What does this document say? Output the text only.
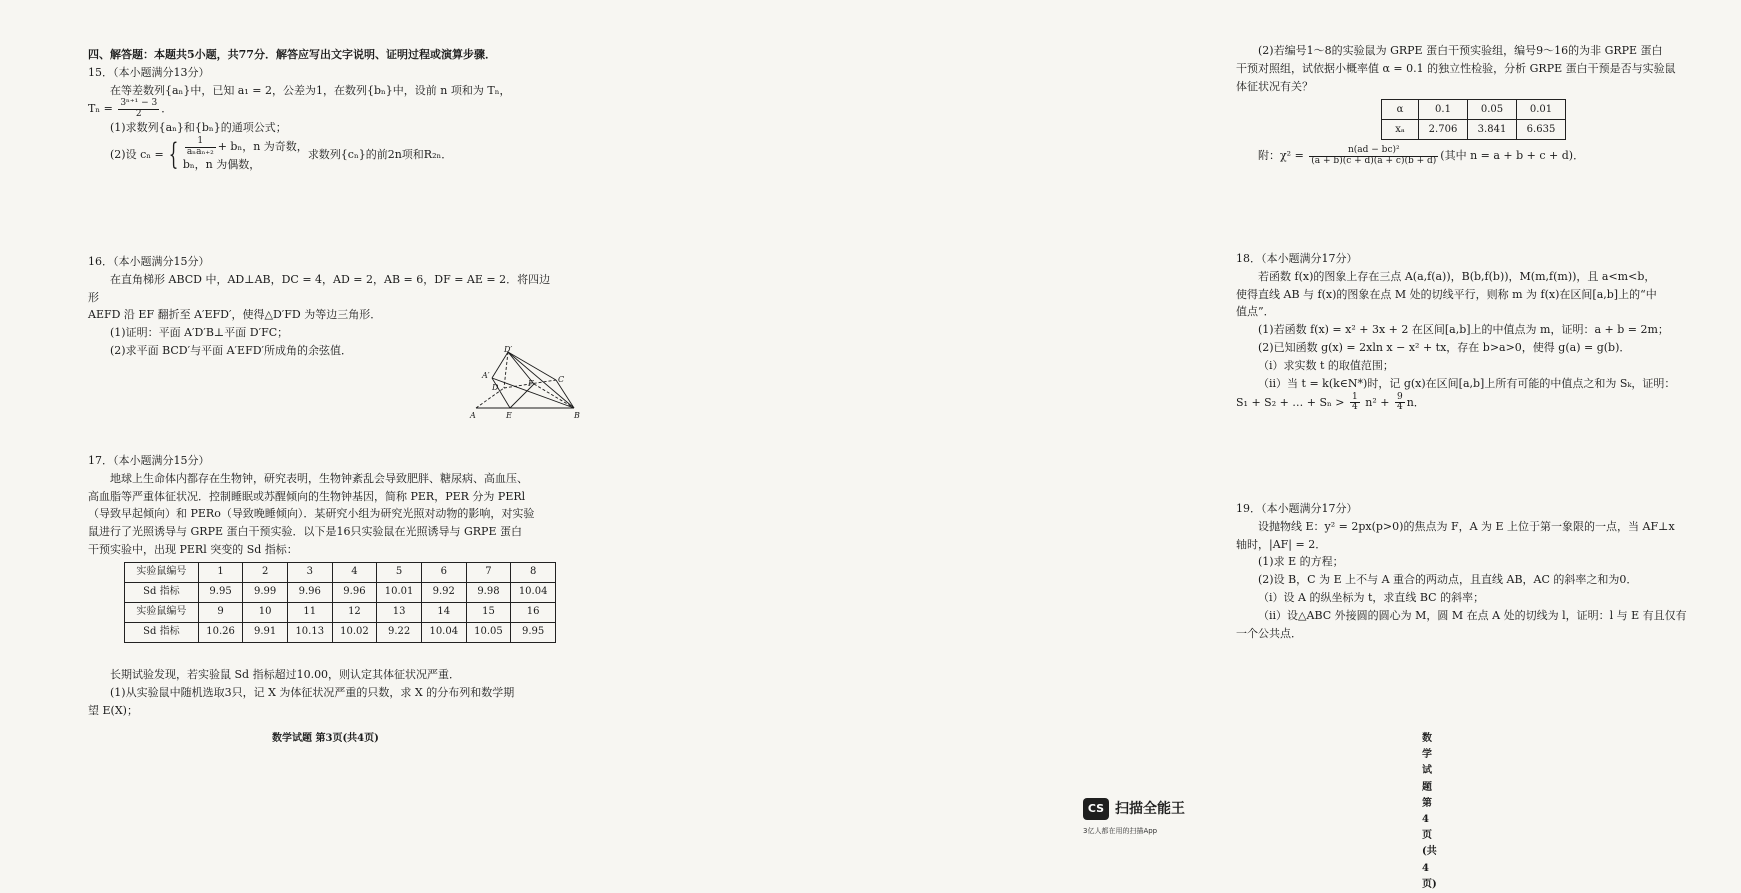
四、解答题：本题共5小题，共77分．解答应写出文字说明、证明过程或演算步骤．

15．（本小题满分13分）

在等差数列{aₙ}中，已知 a₁ = 2，公差为1，在数列{bₙ}中，设前 n 项和为 Tₙ，

$T_n = \frac{\text{3ⁿ⁺¹ − 3}}{2}$ ．

(1)求数列{aₙ}和{bₙ}的通项公式；

(2)设 cₙ = { $\frac{1}{\text{aₙaₙ₊₂}} + b_n$，n 为奇数，
bₙ，n 为偶数，
求数列{cₙ}的前2n项和R₂ₙ．

16．（本小题满分15分）

在直角梯形 ABCD 中，AD⊥AB，DC = 4，AD = 2，AB = 6，DF = AE = 2．将四边形

AEFD 沿 EF 翻折至 A′EFD′，使得△D′FD 为等边三角形．

(1)证明：平面 A′D′B⊥平面 D′FC；

(2)求平面 BCD′与平面 A′EFD′所成角的余弦值．	D′
A′
D	F	C
A	E	B

17．（本小题满分15分）

地球上生命体内都存在生物钟，研究表明，生物钟紊乱会导致肥胖、糖尿病、高血压、

高血脂等严重体征状况．控制睡眠或苏醒倾向的生物钟基因，简称 PER，PER 分为 PERl

（导致早起倾向）和 PERo（导致晚睡倾向）．某研究小组为研究光照对动物的影响，对实验

鼠进行了光照诱导与 GRPE 蛋白干预实验．以下是16只实验鼠在光照诱导与 GRPE 蛋白

干预实验中，出现 PERl 突变的 Sd 指标：

实验鼠编号	1	2	3	4	5	6	7	8
Sd 指标	9.95	9.99	9.96	9.96	10.01	9.92	9.98	10.04
实验鼠编号	9	10	11	12	13	14	15	16
Sd 指标	10.26	9.91	10.13	10.02	9.22	10.04	10.05	9.95

长期试验发现，若实验鼠 Sd 指标超过10.00，则认定其体征状况严重．

(1)从实验鼠中随机选取3只，记 X 为体征状况严重的只数，求 X 的分布列和数学期

望 E(X)；

数学试题 第3页(共4页)

(2)若编号1～8的实验鼠为 GRPE 蛋白干预实验组，编号9～16的为非 GRPE 蛋白

干预对照组，试依据小概率值 α = 0.1 的独立性检验，分析 GRPE 蛋白干预是否与实验鼠

体征状况有关？

α	0.1	0.05	0.01
xₐ	2.706	3.841	6.635

附：$\chi^2 = \frac{\text{n(ad − bc)²}}{(a + b)(c + d)(a + c)(b + d)}$ (其中 n = a + b + c + d)．

18．（本小题满分17分）

若函数 f(x)的图象上存在三点 A(a,f(a))，B(b,f(b))，M(m,f(m))，且 a<m<b，

使得直线 AB 与 f(x)的图象在点 M 处的切线平行，则称 m 为 f(x)在区间[a,b]上的“中

值点”．

(1)若函数 f(x) = x² + 3x + 2 在区间[a,b]上的中值点为 m，证明：a + b = 2m；

(2)已知函数 g(x) = 2xln x − x² + tx，存在 b>a>0，使得 g(a) = g(b)．

（ⅰ）求实数 t 的取值范围；

（ⅱ）当 t = k(k∈N*)时，记 g(x)在区间[a,b]上所有可能的中值点之和为 Sₖ，证明：

S₁ + S₂ + … + $S_n > \frac{1}{4} n^2 + \frac{9}{4}$ n．

19．（本小题满分17分）

设抛物线 E：y² = 2px(p>0)的焦点为 F，A 为 E 上位于第一象限的一点，当 AF⊥x

轴时，|AF| = 2．

(1)求 E 的方程；

(2)设 B，C 为 E 上不与 A 重合的两动点，且直线 AB，AC 的斜率之和为0．

（ⅰ）设 A 的纵坐标为 t，求直线 BC 的斜率；

（ⅱ）设△ABC 外接圆的圆心为 M，圆 M 在点 A 处的切线为 l，证明：l 与 E 有且仅有

一个公共点．

数学试题 第4页(共4页)
CS 扫描全能王
3亿人都在用的扫描App
